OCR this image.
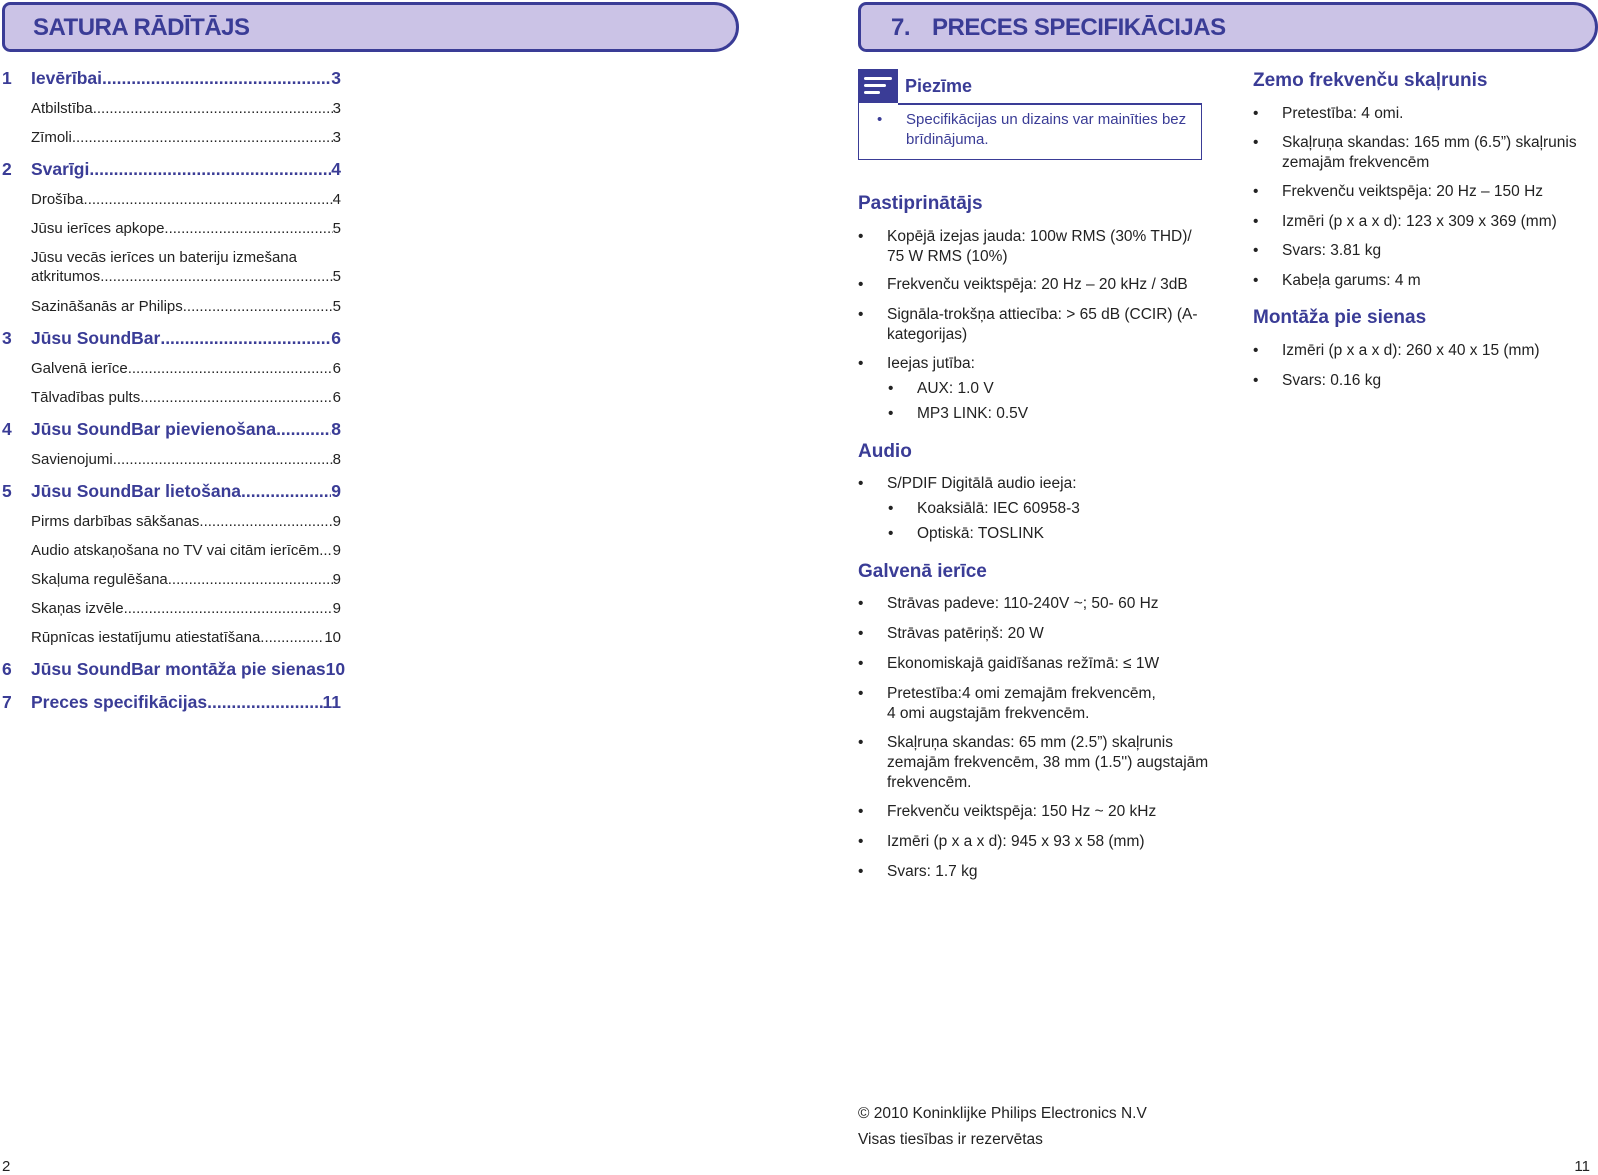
SATURA RĀDĪTĀJS
1 Ievērībai .....	3
Atbilstība .....	3
Zīmoli .....	3
2 Svarīgi .....	4
Drošība .....	4
Jūsu ierīces apkope .....	5
Jūsu vecās ierīces un bateriju izmešana
atkritumos .....	5
Sazināšanās ar Philips .....	5
3 Jūsu SoundBar .....	6
Galvenā ierīce .....	6
Tālvadības pults .....	6
4 Jūsu SoundBar pievienošana .....	8
Savienojumi .....	8
5 Jūsu SoundBar lietošana .....	9
Pirms darbības sākšanas .....	9
Audio atskaņošana no TV vai citām ierīcēm ..... 9
Skaļuma regulēšana .....	9
Skaņas izvēle .....	9
Rūpnīcas iestatījumu atiestatīšana .....	10
6 Jūsu SoundBar montāža pie sienas 10
7 Preces specifikācijas .....	11
2
7. PRECES SPECIFIKĀCIJAS
Piezīme
• Specifikācijas un dizains var mainīties bez
brīdinājuma.
Pastiprinātājs
• Kopējā izejas jauda: 100w RMS (30% THD)/
75 W RMS (10%)
• Frekvenču veiktspēja: 20 Hz – 20 kHz / 3dB
• Signāla-trokšņa attiecība: > 65 dB (CCIR) (A-
kategorijas)
• Ieejas jutība:
• AUX: 1.0 V
• MP3 LINK: 0.5V
Audio
• S/PDIF Digitālā audio ieeja:
• Koaksiālā: IEC 60958-3
• Optiskā: TOSLINK
Galvenā ierīce
• Strāvas padeve: 110-240V ~; 50- 60 Hz
• Strāvas patēriņš: 20 W
• Ekonomiskajā gaidīšanas režīmā: ≤ 1W
• Pretestība:4 omi zemajām frekvencēm,
4 omi augstajām frekvencēm.
• Skaļruņa skandas: 65 mm (2.5”) skaļrunis
zemajām frekvencēm, 38 mm (1.5'') augstajām
frekvencēm.
• Frekvenču veiktspēja: 150 Hz ~ 20 kHz
• Izmēri (p x a x d): 945 x 93 x 58 (mm)
• Svars: 1.7 kg
Zemo frekvenču skaļrunis
• Pretestība: 4 omi.
• Skaļruņa skandas: 165 mm (6.5”) skaļrunis
zemajām frekvencēm
• Frekvenču veiktspēja: 20 Hz – 150 Hz
• Izmēri (p x a x d): 123 x 309 x 369 (mm)
• Svars: 3.81 kg
• Kabeļa garums: 4 m
Montāža pie sienas
• Izmēri (p x a x d): 260 x 40 x 15 (mm)
• Svars: 0.16 kg
© 2010 Koninklijke Philips Electronics N.V
Visas tiesības ir rezervētas
11
